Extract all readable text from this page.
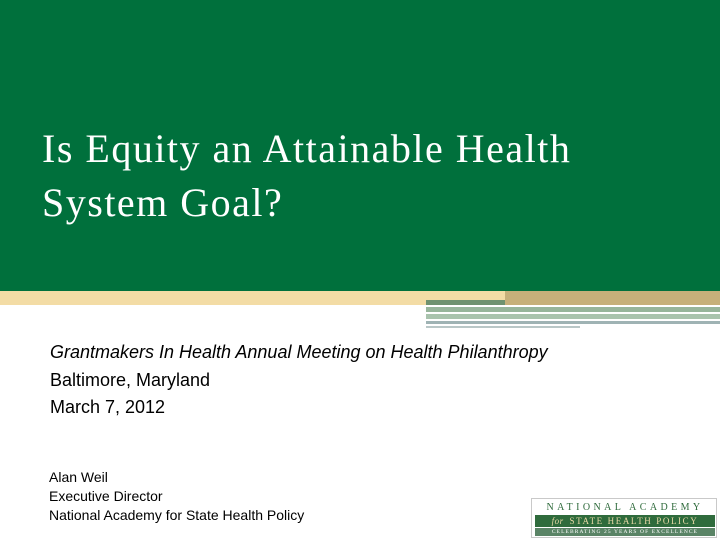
Is Equity an Attainable Health System Goal?

Grantmakers In Health Annual Meeting on Health Philanthropy

Baltimore, Maryland

March 7, 2012

Alan Weil
Executive Director
National Academy for State Health Policy	NATIONAL ACADEMY
for STATE HEALTH POLICY
CELEBRATING 25 YEARS OF EXCELLENCE
